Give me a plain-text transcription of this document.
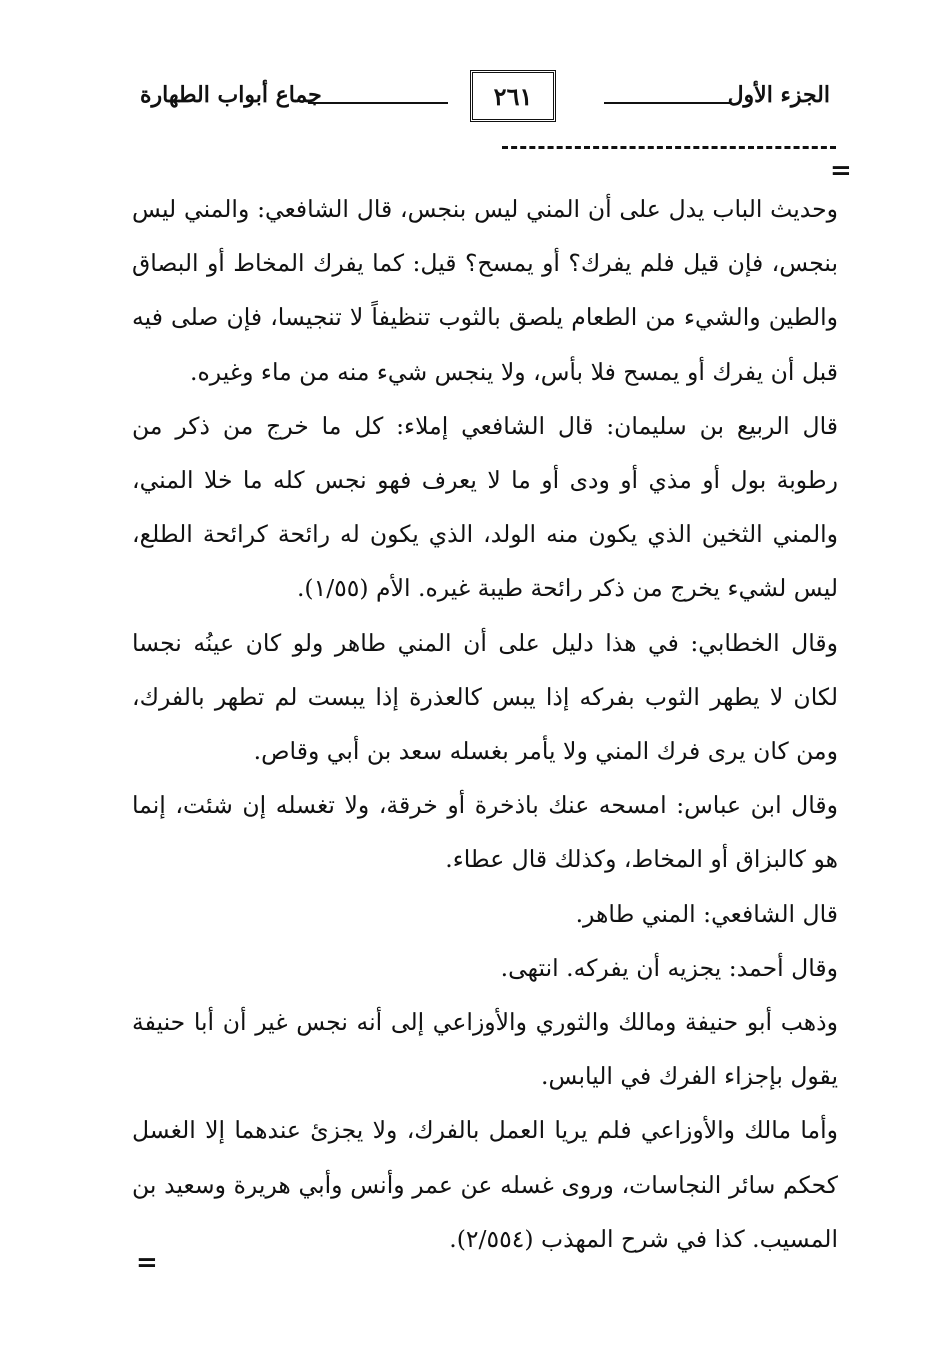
الجزء الأول
٢٦١
جماع أبواب الطهارة
=

وحديث الباب يدل على أن المني ليس بنجس، قال الشافعي: والمني ليس بنجس، فإن قيل فلم يفرك؟ أو يمسح؟ قيل: كما يفرك المخاط أو البصاق والطين والشيء من الطعام يلصق بالثوب تنظيفاً لا تنجيسا، فإن صلى فيه قبل أن يفرك أو يمسح فلا بأس، ولا ينجس شيء منه من ماء وغيره.

قال الربيع بن سليمان: قال الشافعي إملاء: كل ما خرج من ذكر من رطوبة بول أو مذي أو ودى أو ما لا يعرف فهو نجس كله ما خلا المني، والمني الثخين الذي يكون منه الولد، الذي يكون له رائحة كرائحة الطلع، ليس لشيء يخرج من ذكر رائحة طيبة غيره. الأم (١/٥٥).

وقال الخطابي: في هذا دليل على أن المني طاهر ولو كان عينُه نجسا لكان لا يطهر الثوب بفركه إذا يبس كالعذرة إذا يبست لم تطهر بالفرك، ومن كان يرى فرك المني ولا يأمر بغسله سعد بن أبي وقاص.

وقال ابن عباس: امسحه عنك باذخرة أو خرقة، ولا تغسله إن شئت، إنما هو كالبزاق أو المخاط، وكذلك قال عطاء.

قال الشافعي: المني طاهر.

وقال أحمد: يجزيه أن يفركه. انتهى.

وذهب أبو حنيفة ومالك والثوري والأوزاعي إلى أنه نجس غير أن أبا حنيفة يقول بإجزاء الفرك في اليابس.

وأما مالك والأوزاعي فلم يريا العمل بالفرك، ولا يجزئ عندهما إلا الغسل كحكم سائر النجاسات، وروى غسله عن عمر وأنس وأبي هريرة وسعيد بن المسيب. كذا في شرح المهذب (٢/٥٥٤).

=
